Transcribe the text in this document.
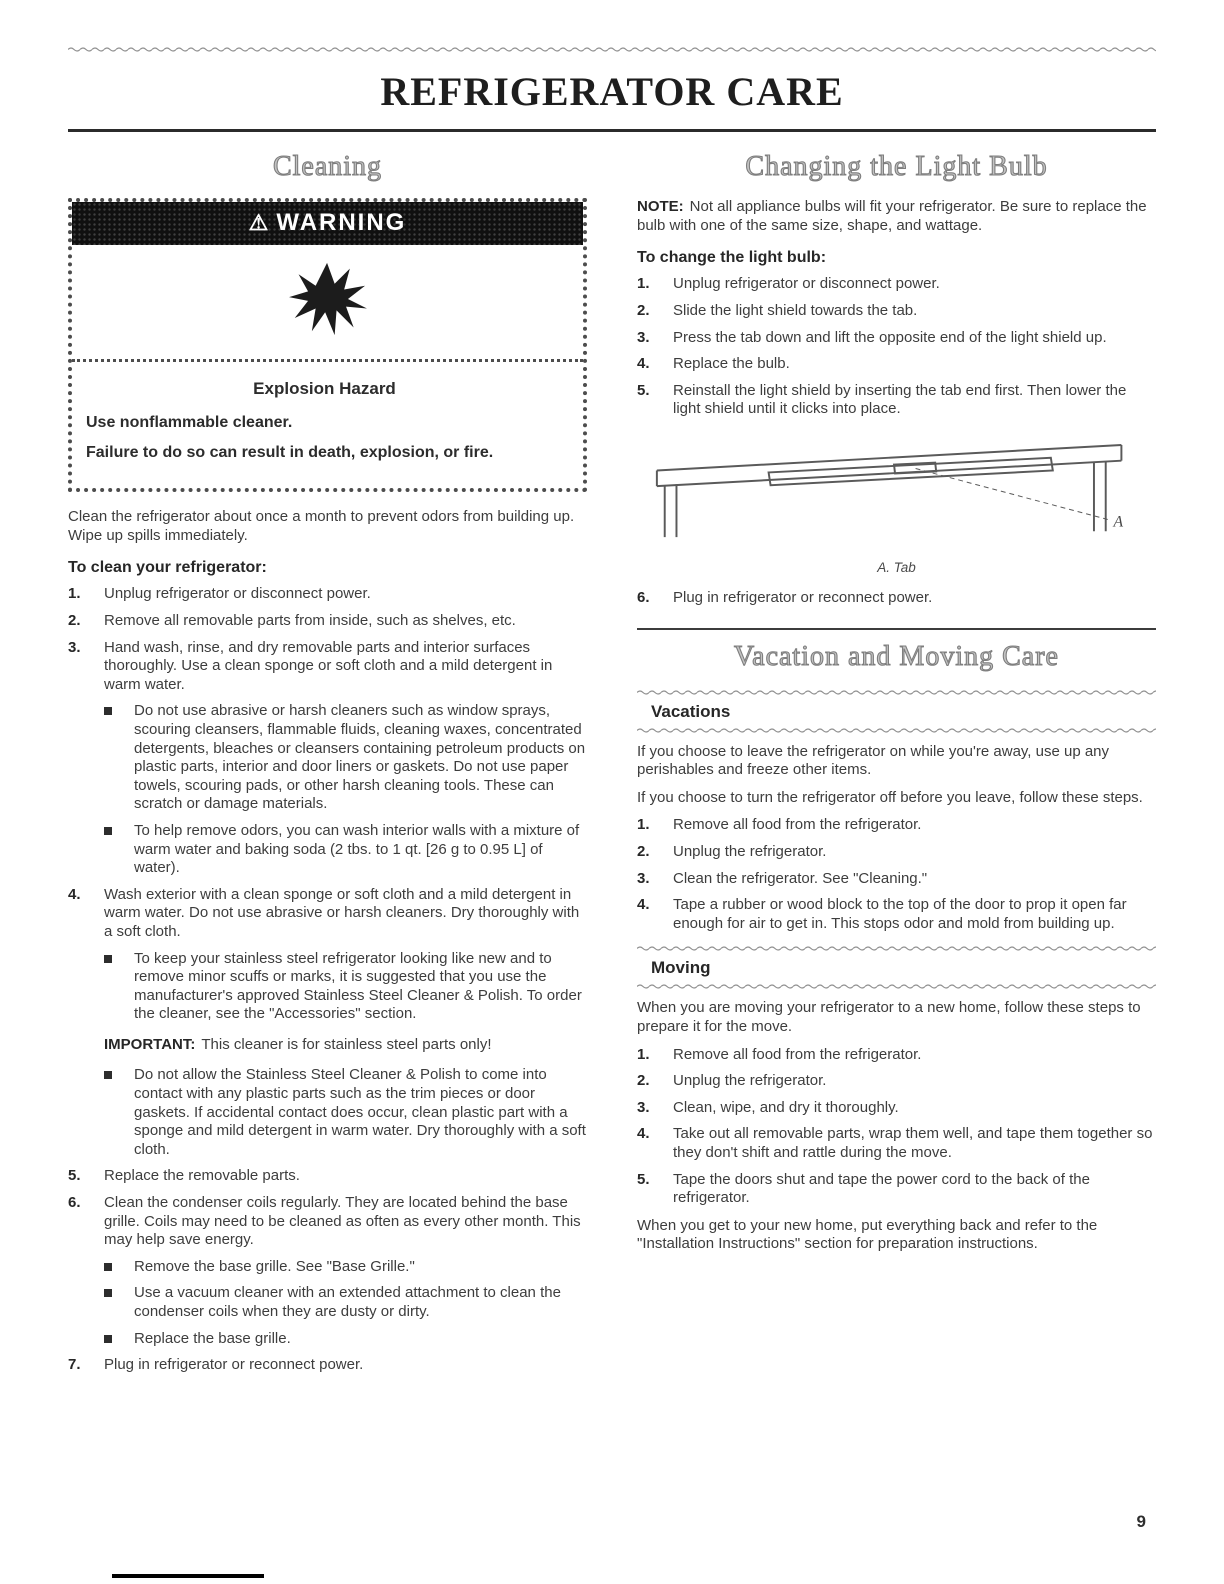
REFRIGERATOR CARE
Cleaning
⚠ WARNING
Explosion Hazard
Use nonflammable cleaner.
Failure to do so can result in death, explosion, or fire.

Clean the refrigerator about once a month to prevent odors from building up. Wipe up spills immediately.

To clean your refrigerator:
1.	Unplug refrigerator or disconnect power.
2.	Remove all removable parts from inside, such as shelves, etc.
3.	Hand wash, rinse, and dry removable parts and interior surfaces thoroughly. Use a clean sponge or soft cloth and a mild detergent in warm water.
Do not use abrasive or harsh cleaners such as window sprays, scouring cleansers, flammable fluids, cleaning waxes, concentrated detergents, bleaches or cleansers containing petroleum products on plastic parts, interior and door liners or gaskets. Do not use paper towels, scouring pads, or other harsh cleaning tools. These can scratch or damage materials.
To help remove odors, you can wash interior walls with a mixture of warm water and baking soda (2 tbs. to 1 qt. [26 g to 0.95 L] of water).
4.	Wash exterior with a clean sponge or soft cloth and a mild detergent in warm water. Do not use abrasive or harsh cleaners. Dry thoroughly with a soft cloth.
To keep your stainless steel refrigerator looking like new and to remove minor scuffs or marks, it is suggested that you use the manufacturer's approved Stainless Steel Cleaner & Polish. To order the cleaner, see the "Accessories" section.
IMPORTANT: This cleaner is for stainless steel parts only!
Do not allow the Stainless Steel Cleaner & Polish to come into contact with any plastic parts such as the trim pieces or door gaskets. If accidental contact does occur, clean plastic part with a sponge and mild detergent in warm water. Dry thoroughly with a soft cloth.
5.	Replace the removable parts.
6.	Clean the condenser coils regularly. They are located behind the base grille. Coils may need to be cleaned as often as every other month. This may help save energy.
Remove the base grille. See "Base Grille."
Use a vacuum cleaner with an extended attachment to clean the condenser coils when they are dusty or dirty.
Replace the base grille.
7.	Plug in refrigerator or reconnect power.
Changing the Light Bulb

NOTE: Not all appliance bulbs will fit your refrigerator. Be sure to replace the bulb with one of the same size, shape, and wattage.

To change the light bulb:
1.	Unplug refrigerator or disconnect power.
2.	Slide the light shield towards the tab.
3.	Press the tab down and lift the opposite end of the light shield up.
4.	Replace the bulb.
5.	Reinstall the light shield by inserting the tab end first. Then lower the light shield until it clicks into place.
A
A. Tab
6.	Plug in refrigerator or reconnect power.
Vacation and Moving Care
Vacations

If you choose to leave the refrigerator on while you're away, use up any perishables and freeze other items.

If you choose to turn the refrigerator off before you leave, follow these steps.

1.	Remove all food from the refrigerator.
2.	Unplug the refrigerator.
3.	Clean the refrigerator. See "Cleaning."
4.	Tape a rubber or wood block to the top of the door to prop it open far enough for air to get in. This stops odor and mold from building up.
Moving

When you are moving your refrigerator to a new home, follow these steps to prepare it for the move.

1.	Remove all food from the refrigerator.
2.	Unplug the refrigerator.
3.	Clean, wipe, and dry it thoroughly.
4.	Take out all removable parts, wrap them well, and tape them together so they don't shift and rattle during the move.
5.	Tape the doors shut and tape the power cord to the back of the refrigerator.

When you get to your new home, put everything back and refer to the "Installation Instructions" section for preparation instructions.

9
